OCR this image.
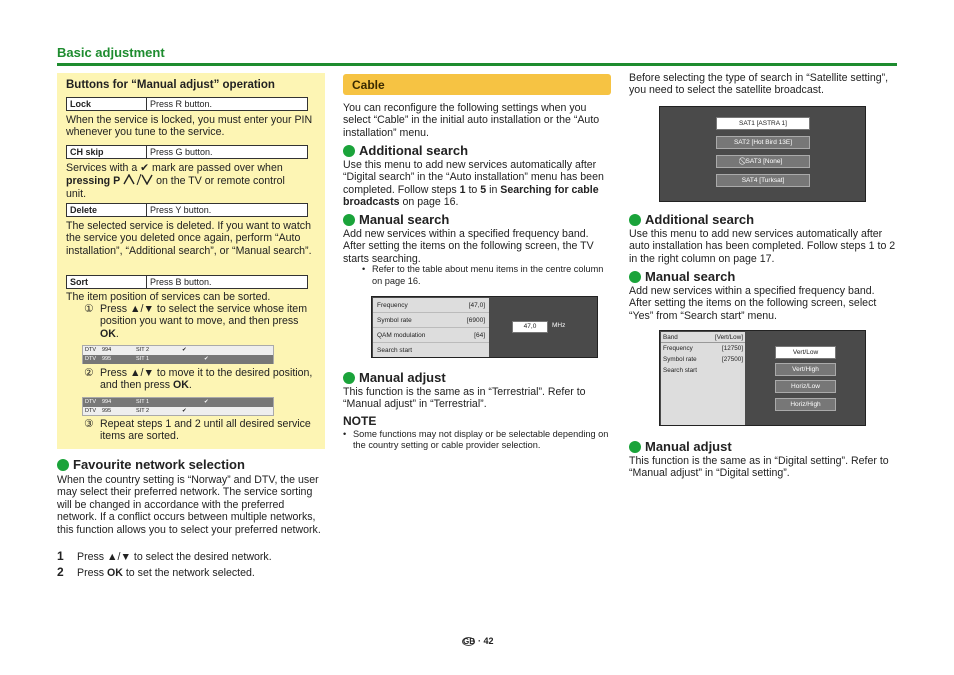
Basic adjustment
Buttons for “Manual adjust” operation
Lock	Press R button.

When the service is locked, you must enter your PIN whenever you tune to the service.

CH skip	Press G button.
Services with a ✔ mark are passed over when
pressing P	on the TV or remote control
unit.
Delete	Press Y button.

The selected service is deleted. If you want to watch the service you deleted once again, perform “Auto installation”, “Additional search”, or “Manual search”.

Sort	Press B button.

The item position of services can be sorted.

① Press ▲/▼ to select the service whose item position you want to move, and then press OK.
DTV	994	SIT 2	✔
DTV	995	SIT 1	✔
② Press ▲/▼ to move it to the desired position, and then press OK.
DTV	994	SIT 1	✔
DTV	995	SIT 2	✔
③ Repeat steps 1 and 2 until all desired service items are sorted.
Favourite network selection

When the country setting is “Norway” and DTV, the user may select their preferred network. The service sorting will be changed in accordance with the preferred network. If a conflict occurs between multiple networks, this function allows you to select your preferred network.

1	Press ▲/▼ to select the desired network.
2	Press OK to set the network selected.
Cable

You can reconfigure the following settings when you select “Cable” in the initial auto installation or the “Auto installation” menu.

Additional search

Use this menu to add new services automatically after “Digital search” in the “Auto installation” menu has been completed. Follow steps 1 to 5 in Searching for cable broadcasts on page 16.

Manual search

Add new services within a specified frequency band. After setting the items on the following screen, the TV starts searching.

• Refer to the table about menu items in the centre column on page 16.
Frequency	[47,0]
Symbol rate	[6900]
QAM modulation	[64]
Search start
47,0	MHz
Manual adjust

This function is the same as in “Terrestrial”. Refer to “Manual adjust” in “Terrestrial”.

NOTE
• Some functions may not display or be selectable depending on the country setting or cable provider selection.

Before selecting the type of search in “Satellite setting”, you need to select the satellite broadcast.

SAT1 [ASTRA 1]
SAT2 [Hot Bird 13E]
SAT3 [None]
SAT4 [Turksat]
Additional search

Use this menu to add new services automatically after auto installation has been completed. Follow steps 1 to 2 in the right column on page 17.

Manual search

Add new services within a specified frequency band. After setting the items on the following screen, select “Yes” from “Search start” menu.

Band	[Vert/Low]
Frequency	[12750]
Symbol rate	[27500]
Search start
Vert/Low
Vert/High
Horiz/Low
Horiz/High
Manual adjust

This function is the same as in “Digital setting”. Refer to “Manual adjust” in “Digital setting”.

GB · 42
